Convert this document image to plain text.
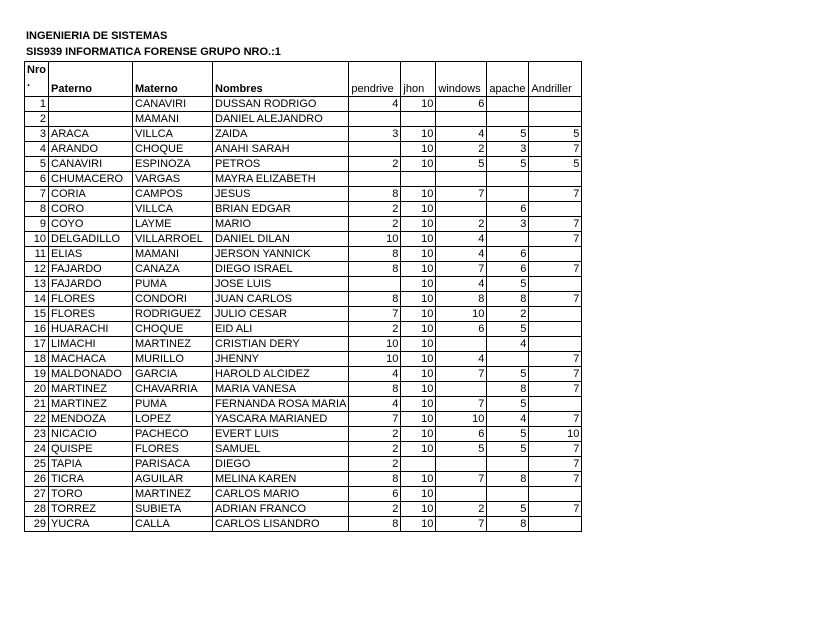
INGENIERIA DE SISTEMAS
SIS939 INFORMATICA FORENSE GRUPO NRO.:1
Nro
.	Paterno	Materno	Nombres	pendrive	jhon	windows	apache	Andriller
1		CANAVIRI	DUSSAN RODRIGO	4	10	6		
2		MAMANI	DANIEL ALEJANDRO					
3	ARACA	VILLCA	ZAIDA	3	10	4	5	5
4	ARANDO	CHOQUE	ANAHI SARAH		10	2	3	7
5	CANAVIRI	ESPINOZA	PETROS	2	10	5	5	5
6	CHUMACERO	VARGAS	MAYRA ELIZABETH					
7	CORIA	CAMPOS	JESUS	8	10	7		7
8	CORO	VILLCA	BRIAN EDGAR	2	10		6	
9	COYO	LAYME	MARIO	2	10	2	3	7
10	DELGADILLO	VILLARROEL	DANIEL DILAN	10	10	4		7
11	ELIAS	MAMANI	JERSON YANNICK	8	10	4	6	
12	FAJARDO	CANAZA	DIEGO ISRAEL	8	10	7	6	7
13	FAJARDO	PUMA	JOSE LUIS		10	4	5	
14	FLORES	CONDORI	JUAN CARLOS	8	10	8	8	7
15	FLORES	RODRIGUEZ	JULIO CESAR	7	10	10	2	
16	HUARACHI	CHOQUE	EID ALI	2	10	6	5	
17	LIMACHI	MARTINEZ	CRISTIAN DERY	10	10		4	
18	MACHACA	MURILLO	JHENNY	10	10	4		7
19	MALDONADO	GARCIA	HAROLD ALCIDEZ	4	10	7	5	7
20	MARTINEZ	CHAVARRIA	MARIA VANESA	8	10		8	7
21	MARTINEZ	PUMA	FERNANDA ROSA MARIA	4	10	7	5	
22	MENDOZA	LOPEZ	YASCARA MARIANED	7	10	10	4	7
23	NICACIO	PACHECO	EVERT LUIS	2	10	6	5	10
24	QUISPE	FLORES	SAMUEL	2	10	5	5	7
25	TAPIA	PARISACA	DIEGO	2				7
26	TICRA	AGUILAR	MELINA KAREN	8	10	7	8	7
27	TORO	MARTINEZ	CARLOS MARIO	6	10			
28	TORREZ	SUBIETA	ADRIAN FRANCO	2	10	2	5	7
29	YUCRA	CALLA	CARLOS LISANDRO	8	10	7	8	
